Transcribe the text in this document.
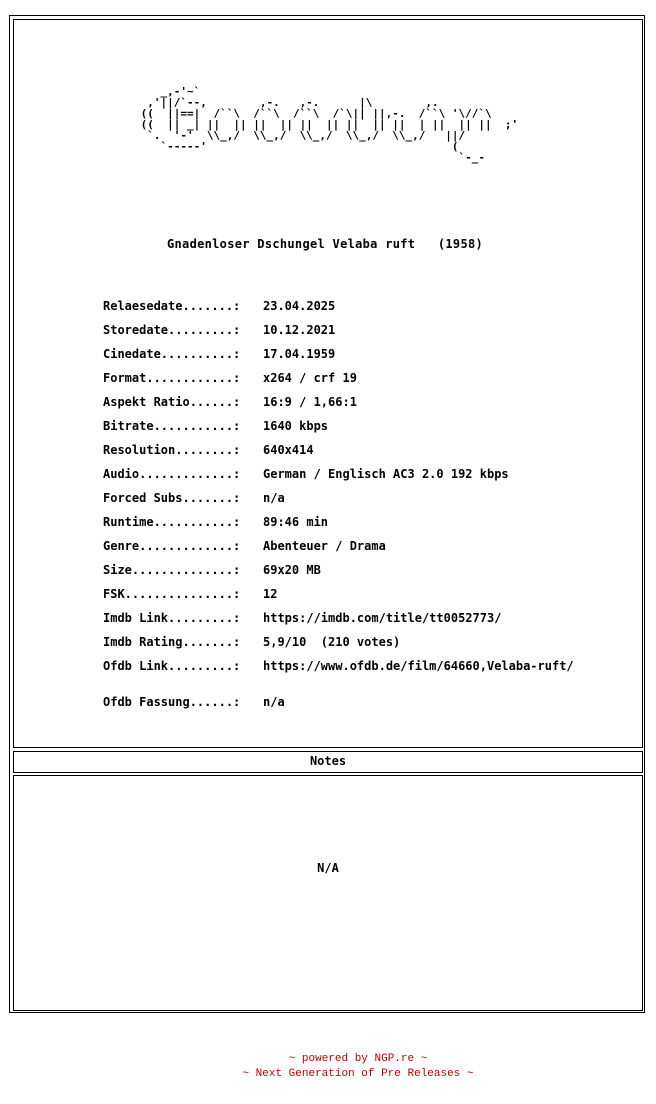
_,-'~`
,'||/`--,        ,-.   ,-.      |\        ,.
((  ||==|  /``\  /``\  /``\  /`\|| ||,-.  /``\ '\//`\
((  || _| ||  || ||  || ||  || ||  || ||  | ||  || ||  ;'
`.  '-'  \\_,/  \\_,/  \\_,/  \\_,/  \\_,/   ||/
`-----'                                     (
`-_-
Gnadenloser Dschungel Velaba ruft   (1958)
Relaesedate.......: 23.04.2025
Storedate.........: 10.12.2021
Cinedate..........: 17.04.1959
Format............: x264 / crf 19
Aspekt Ratio......: 16:9 / 1,66:1
Bitrate...........: 1640 kbps
Resolution........: 640x414
Audio.............: German / Englisch AC3 2.0 192 kbps
Forced Subs.......: n/a
Runtime...........: 89:46 min
Genre.............: Abenteuer / Drama
Size..............: 69x20 MB
FSK...............: 12
Imdb Link.........: https://imdb.com/title/tt0052773/
Imdb Rating.......: 5,9/10  (210 votes)
Ofdb Link.........: https://www.ofdb.de/film/64660,Velaba-ruft/
Ofdb Fassung......: n/a
Notes
N/A
~ powered by NGP.re ~
~ Next Generation of Pre Releases ~
